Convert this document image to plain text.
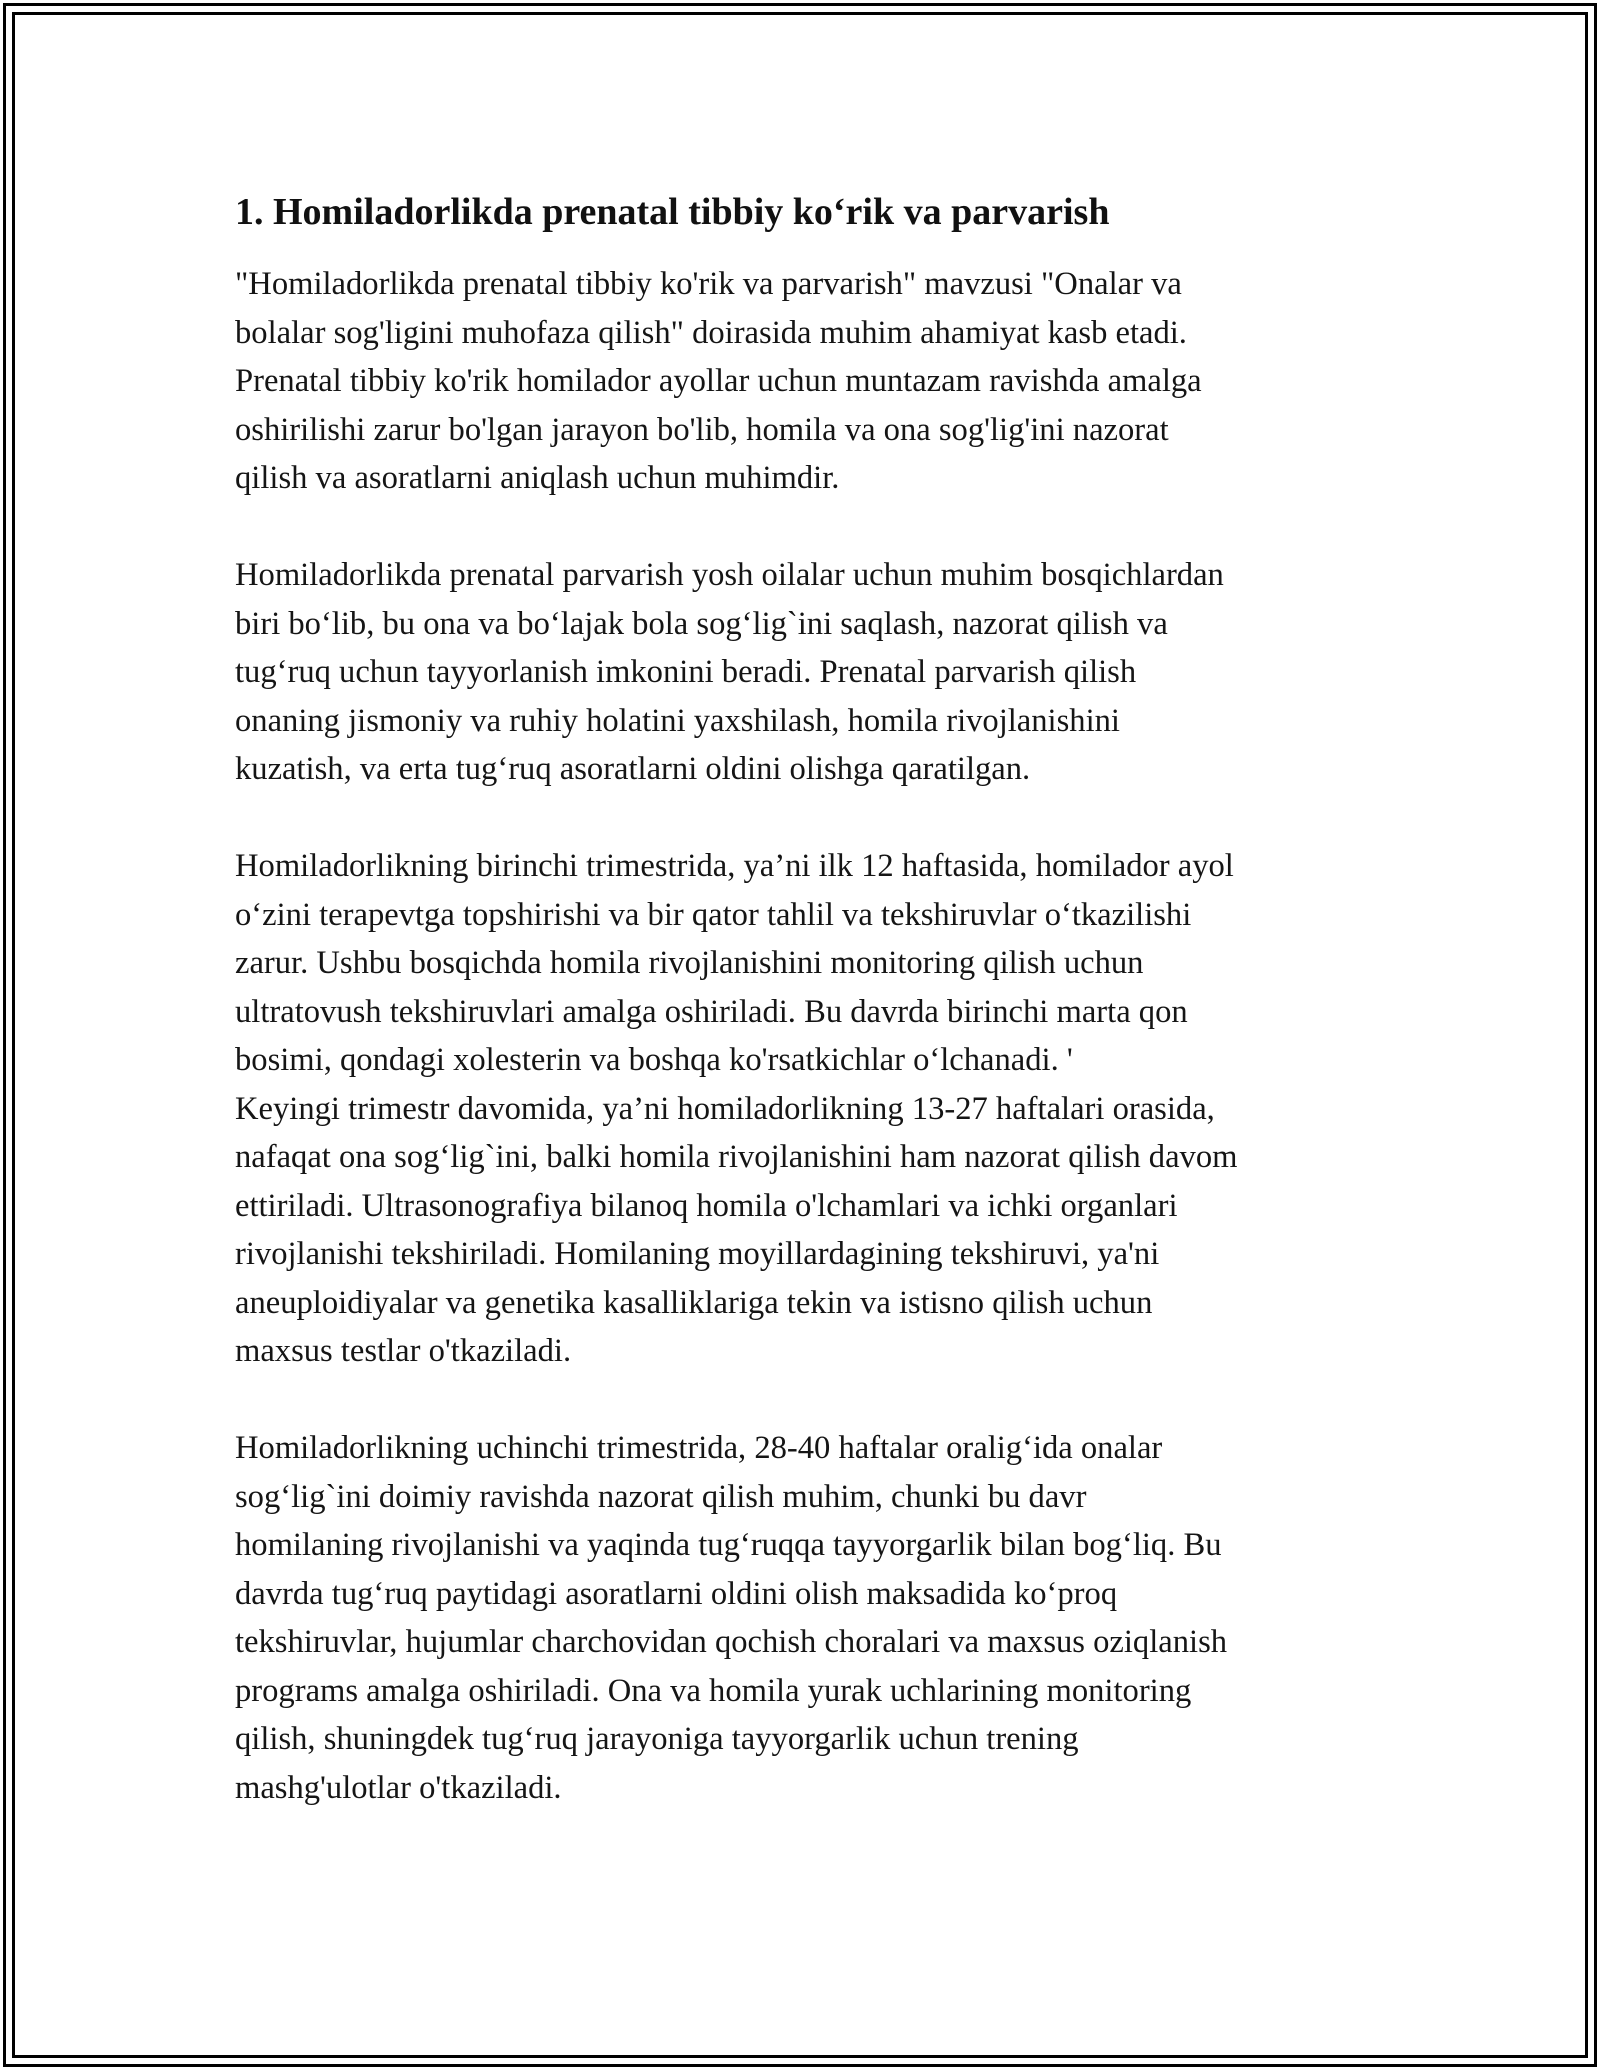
1. Homiladorlikda prenatal tibbiy ko‘rik va parvarish

"Homiladorlikda prenatal tibbiy ko'rik va parvarish" mavzusi "Onalar va
bolalar sog'ligini muhofaza qilish" doirasida muhim ahamiyat kasb etadi.
Prenatal tibbiy ko'rik homilador ayollar uchun muntazam ravishda amalga
oshirilishi zarur bo'lgan jarayon bo'lib, homila va ona sog'lig'ini nazorat
qilish va asoratlarni aniqlash uchun muhimdir.

Homiladorlikda prenatal parvarish yosh oilalar uchun muhim bosqichlardan
biri bo‘lib, bu ona va bo‘lajak bola sog‘lig`ini saqlash, nazorat qilish va
tug‘ruq uchun tayyorlanish imkonini beradi. Prenatal parvarish qilish
onaning jismoniy va ruhiy holatini yaxshilash, homila rivojlanishini
kuzatish, va erta tug‘ruq asoratlarni oldini olishga qaratilgan.

Homiladorlikning birinchi trimestrida, ya’ni ilk 12 haftasida, homilador ayol
o‘zini terapevtga topshirishi va bir qator tahlil va tekshiruvlar o‘tkazilishi
zarur. Ushbu bosqichda homila rivojlanishini monitoring qilish uchun
ultratovush tekshiruvlari amalga oshiriladi. Bu davrda birinchi marta qon
bosimi, qondagi xolesterin va boshqa ko'rsatkichlar o‘lchanadi. '
Keyingi trimestr davomida, ya’ni homiladorlikning 13-27 haftalari orasida,
nafaqat ona sog‘lig`ini, balki homila rivojlanishini ham nazorat qilish davom
ettiriladi. Ultrasonografiya bilanoq homila o'lchamlari va ichki organlari
rivojlanishi tekshiriladi. Homilaning moyillardagining tekshiruvi, ya'ni
aneuploidiyalar va genetika kasalliklariga tekin va istisno qilish uchun
maxsus testlar o'tkaziladi.

Homiladorlikning uchinchi trimestrida, 28-40 haftalar oralig‘ida onalar
sog‘lig`ini doimiy ravishda nazorat qilish muhim, chunki bu davr
homilaning rivojlanishi va yaqinda tug‘ruqqa tayyorgarlik bilan bog‘liq. Bu
davrda tug‘ruq paytidagi asoratlarni oldini olish maksadida ko‘proq
tekshiruvlar, hujumlar charchovidan qochish choralari va maxsus oziqlanish
programs amalga oshiriladi. Ona va homila yurak uchlarining monitoring
qilish, shuningdek tug‘ruq jarayoniga tayyorgarlik uchun trening
mashg'ulotlar o'tkaziladi.
